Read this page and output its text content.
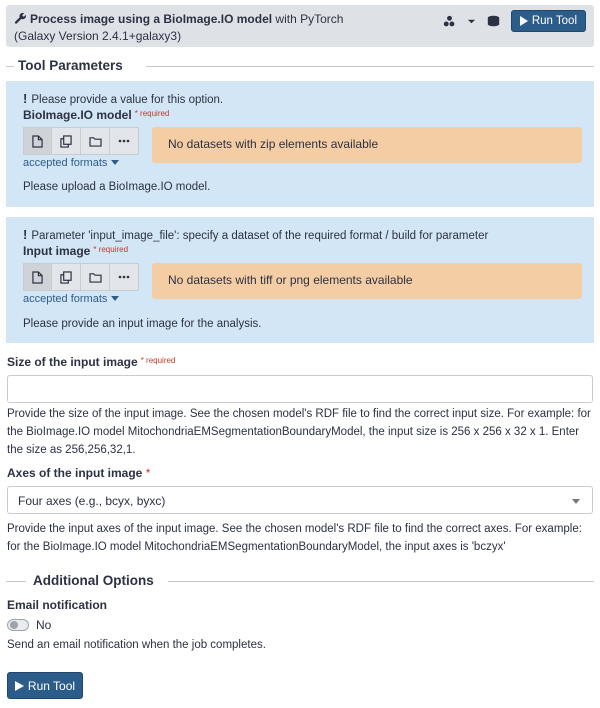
Process image using a BioImage.IO model with PyTorch
(Galaxy Version 2.4.1+galaxy3)
Run Tool
Tool Parameters
! Please provide a value for this option.
BioImage.IO model $^{* required}$
No datasets with zip elements available
accepted formats
Please upload a BioImage.IO model.
! Parameter 'input_image_file': specify a dataset of the required format / build for parameter
Input image $^{* required}$
No datasets with tiff or png elements available
accepted formats
Please provide an input image for the analysis.
Size of the input image $^{* required}$
Provide the size of the input image. See the chosen model's RDF file to find the correct input size. For example: for the BioImage.IO model MitochondriaEMSegmentationBoundaryModel, the input size is 256 x 256 x 32 x 1. Enter the size as 256,256,32,1.
Axes of the input image *
Four axes (e.g., bcyx, byxc)
Provide the input axes of the input image. See the chosen model's RDF file to find the correct axes. For example: for the BioImage.IO model MitochondriaEMSegmentationBoundaryModel, the input axes is 'bczyx'
Additional Options
Email notification
No
Send an email notification when the job completes.
Run Tool
